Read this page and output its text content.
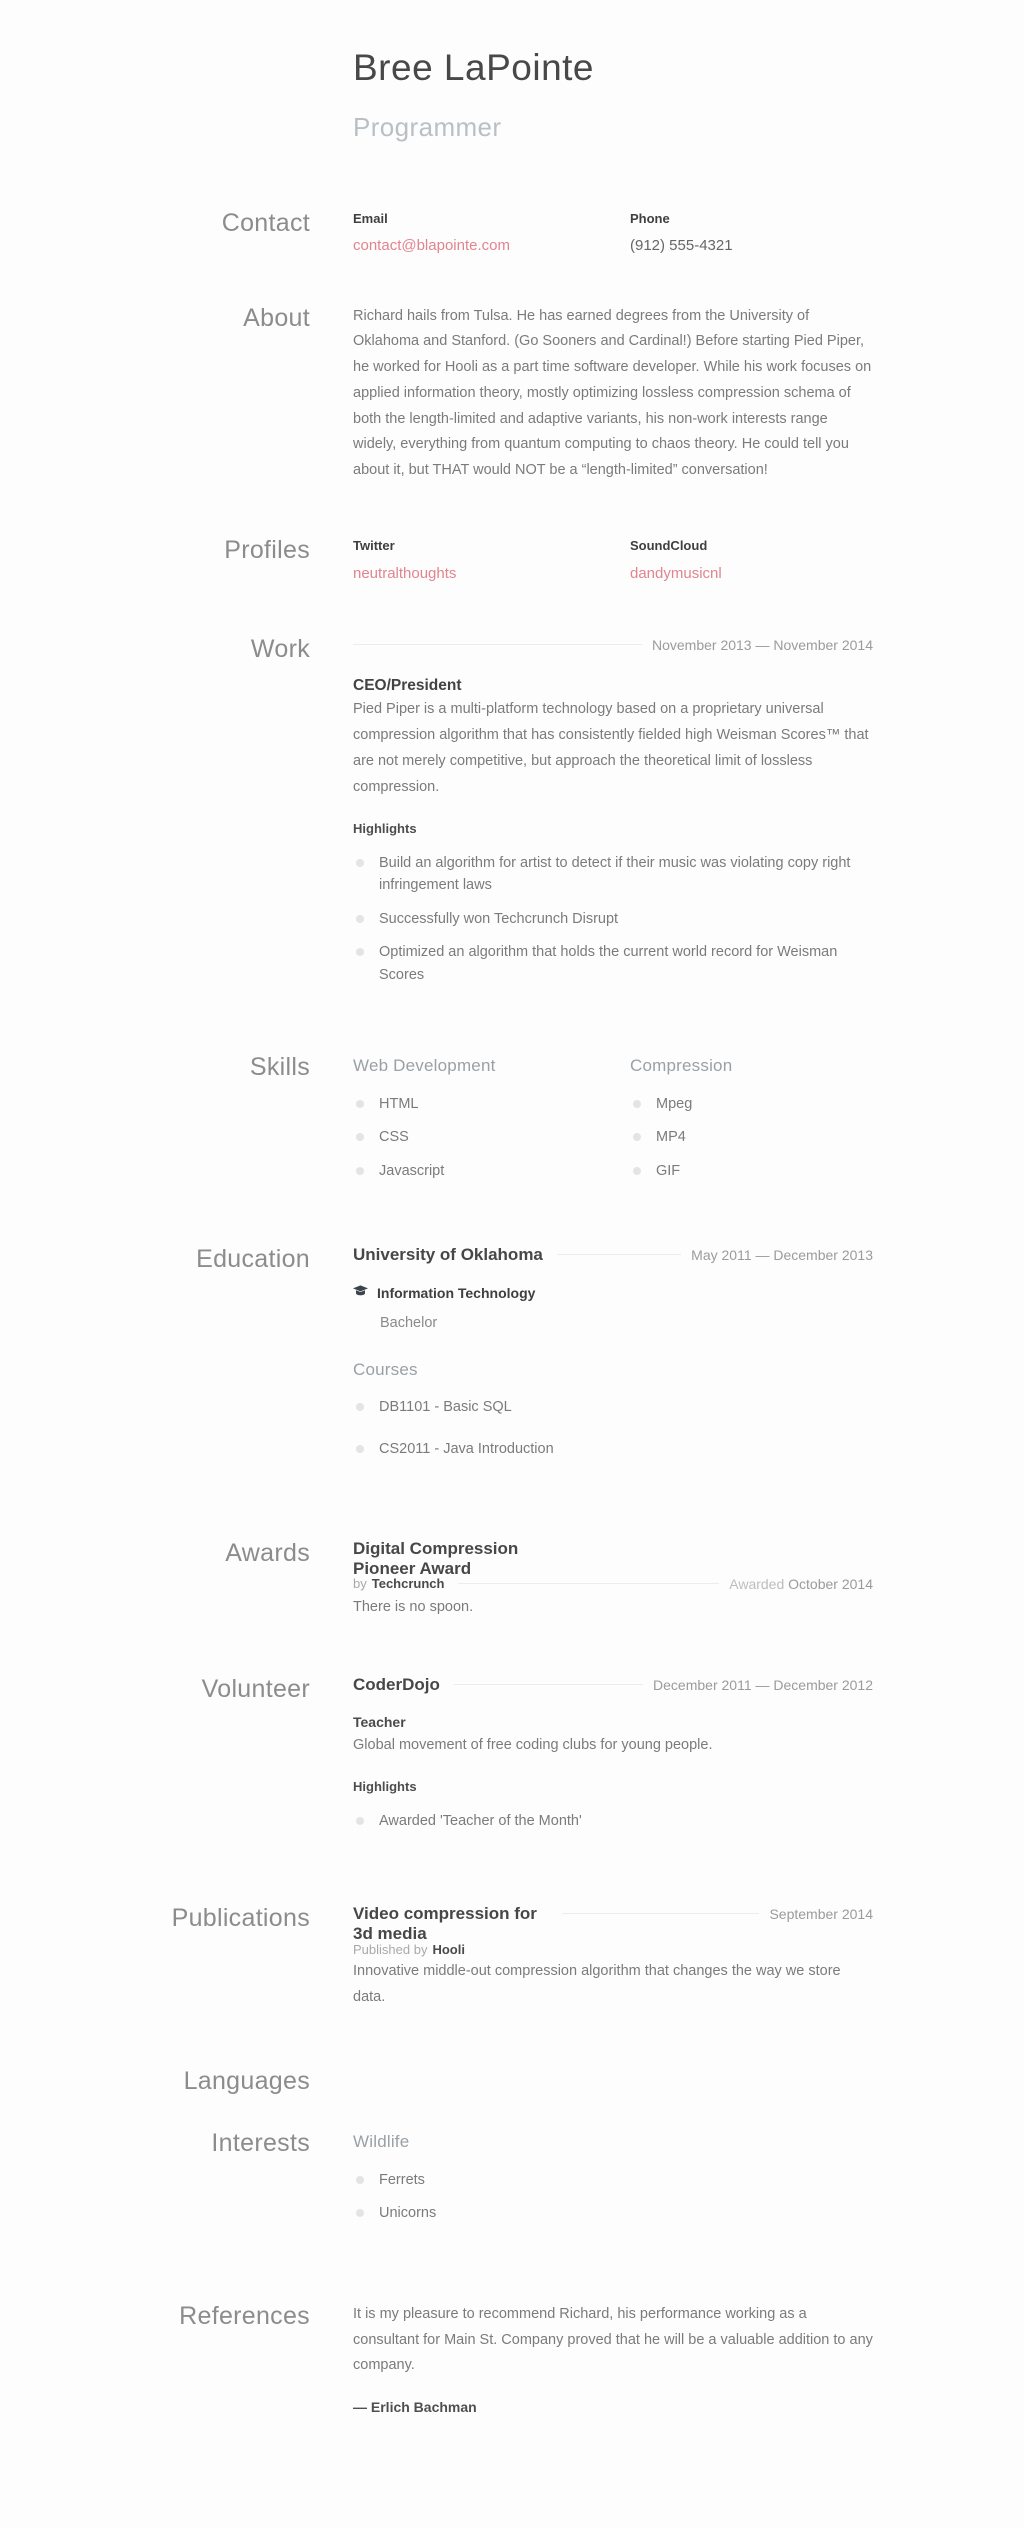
Bree LaPointe
Programmer
Contact	Email
contact@blapointe.com
Phone
(912) 555-4321
About	Richard hails from Tulsa. He has earned degrees from the University of Oklahoma and Stanford. (Go Sooners and Cardinal!) Before starting Pied Piper, he worked for Hooli as a part time software developer. While his work focuses on applied information theory, mostly optimizing lossless compression schema of both the length-limited and adaptive variants, his non-work interests range widely, everything from quantum computing to chaos theory. He could tell you about it, but THAT would NOT be a “length-limited” conversation!

Profiles	Twitter
neutralthoughts
SoundCloud
dandymusicnl
Work	November 2013 — November 2014
CEO/President

Pied Piper is a multi-platform technology based on a proprietary universal compression algorithm that has consistently fielded high Weisman Scores™ that are not merely competitive, but approach the theoretical limit of lossless compression.

Highlights
Build an algorithm for artist to detect if their music was violating copy right infringement laws
Successfully won Techcrunch Disrupt
Optimized an algorithm that holds the current world record for Weisman Scores
Skills	Web Development
HTML
CSS
Javascript
Compression
Mpeg
MP4
GIF
Education	University of Oklahoma	May 2011 — December 2013
Information Technology
Bachelor
Courses
DB1101 - Basic SQL
CS2011 - Java Introduction
Awards	Digital Compression Pioneer Award
by Techcrunch	Awarded October 2014

There is no spoon.

Volunteer	CoderDojo	December 2011 — December 2012
Teacher

Global movement of free coding clubs for young people.

Highlights
Awarded 'Teacher of the Month'
Publications	Video compression for 3d media
September 2014
Published by Hooli

Innovative middle-out compression algorithm that changes the way we store data.

Languages
Interests	Wildlife
Ferrets
Unicorns
References	It is my pleasure to recommend Richard, his performance working as a consultant for Main St. Company proved that he will be a valuable addition to any company.

— Erlich Bachman
